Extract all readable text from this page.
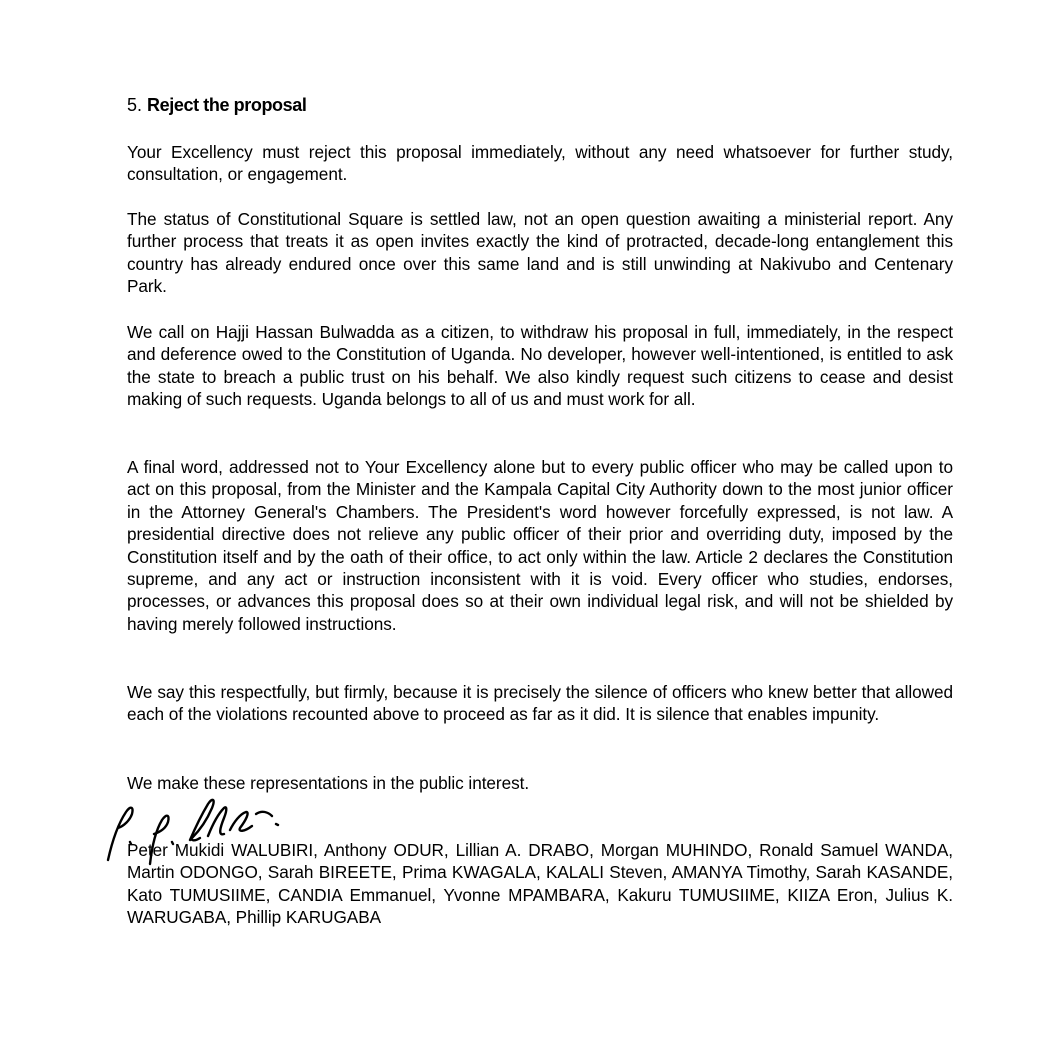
5. Reject the proposal

Your Excellency must reject this proposal immediately, without any need whatsoever for further study, consultation, or engagement.

The status of Constitutional Square is settled law, not an open question awaiting a ministerial report. Any further process that treats it as open invites exactly the kind of protracted, decade-long entanglement this country has already endured once over this same land and is still unwinding at Nakivubo and Centenary Park.

We call on Hajji Hassan Bulwadda as a citizen, to withdraw his proposal in full, immediately, in the respect and deference owed to the Constitution of Uganda. No developer, however well-intentioned, is entitled to ask the state to breach a public trust on his behalf. We also kindly request such citizens to cease and desist making of such requests. Uganda belongs to all of us and must work for all.

A final word, addressed not to Your Excellency alone but to every public officer who may be called upon to act on this proposal, from the Minister and the Kampala Capital City Authority down to the most junior officer in the Attorney General's Chambers. The President's word however forcefully expressed, is not law. A presidential directive does not relieve any public officer of their prior and overriding duty, imposed by the Constitution itself and by the oath of their office, to act only within the law. Article 2 declares the Constitution supreme, and any act or instruction inconsistent with it is void. Every officer who studies, endorses, processes, or advances this proposal does so at their own individual legal risk, and will not be shielded by having merely followed instructions.

We say this respectfully, but firmly, because it is precisely the silence of officers who knew better that allowed each of the violations recounted above to proceed as far as it did. It is silence that enables impunity.

We make these representations in the public interest.

Peter Mukidi WALUBIRI, Anthony ODUR, Lillian A. DRABO, Morgan MUHINDO, Ronald Samuel WANDA, Martin ODONGO, Sarah BIREETE, Prima KWAGALA, KALALI Steven, AMANYA Timothy, Sarah KASANDE, Kato TUMUSIIME, CANDIA Emmanuel, Yvonne MPAMBARA, Kakuru TUMUSIIME, KIIZA Eron, Julius K. WARUGABA, Phillip KARUGABA
